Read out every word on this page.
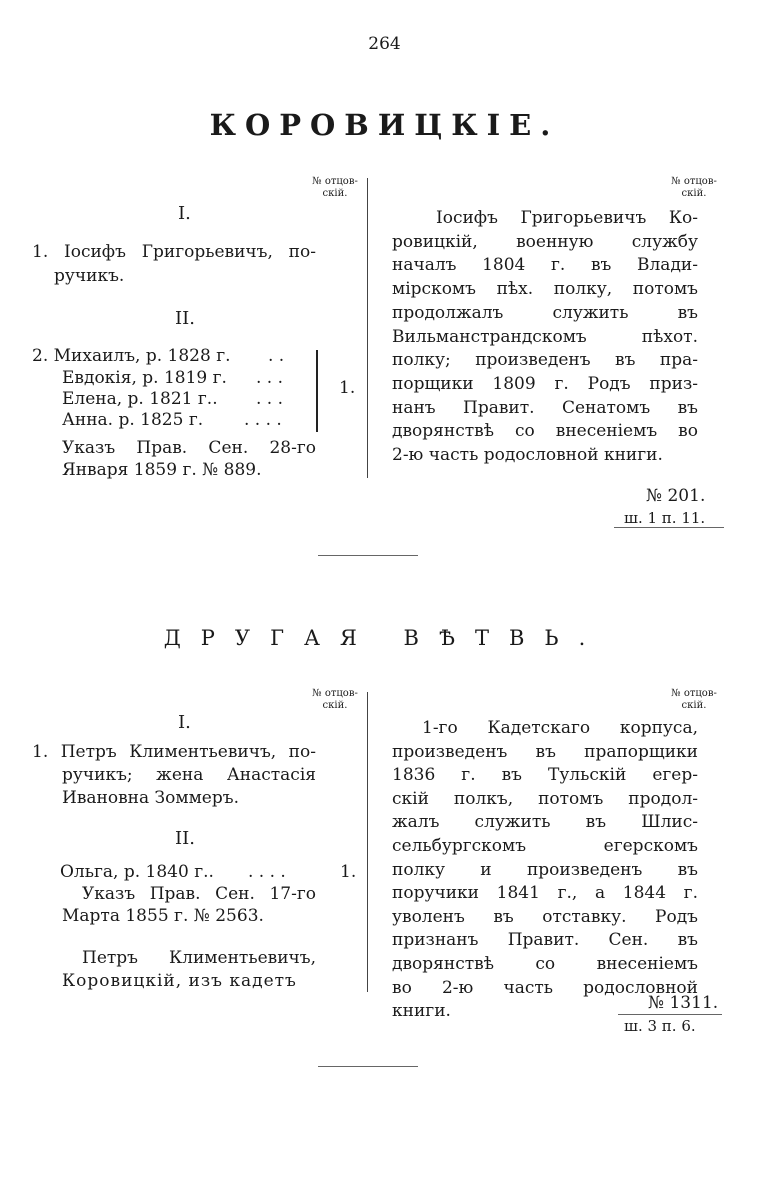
264
КОРОВИЦКІЕ.
№ отцов-
скій.
I.
1. Іосифъ Григорьевичъ, по-
ручикъ.
II.
2. Михаилъ, р. 1828 г. . .
Евдокія, р. 1819 г. . . .
Елена, р. 1821 г.. . . .
Анна. р. 1825 г. . . . .
1.
Указъ Прав. Сен. 28-го
Января 1859 г. № 889.
№ отцов-
скій.
Іосифъ Григорьевичъ Ко-
ровицкій, военную службу
началъ 1804 г. въ Влади-
мірскомъ пѣх. полку, потомъ
продолжалъ служить въ
Вильманстрандскомъ пѣхот.
полку; произведенъ въ пра-
порщики 1809 г. Родъ приз-
нанъ Правит. Сенатомъ въ
дворянствѣ со внесеніемъ во
2-ю часть родословной книги.
№ 201.
ш. 1 п. 11.
ДРУГАЯ ВѢТВЬ.
№ отцов-
скій.
I.
1. Петръ Климентьевичъ, по-
ручикъ; жена Анастасія
Ивановна Зоммеръ.
II.
Ольга, р. 1840 г.. . . . .	1.
Указъ Прав. Сен. 17-го
Марта 1855 г. № 2563.
Петръ Климентьевичъ,
Коровицкій, изъ кадетъ
№ отцов-
скій.
1-го Кадетскаго корпуса,
произведенъ въ прапорщики
1836 г. въ Тульскій егер-
скій полкъ, потомъ продол-
жалъ служить въ Шлис-
сельбургскомъ егерскомъ
полку и произведенъ въ
поручики 1841 г., а 1844 г.
уволенъ въ отставку. Родъ
признанъ Правит. Сен. въ
дворянствѣ со внесеніемъ
во 2-ю часть родословной
книги.	№ 1311.
ш. 3 п. 6.
